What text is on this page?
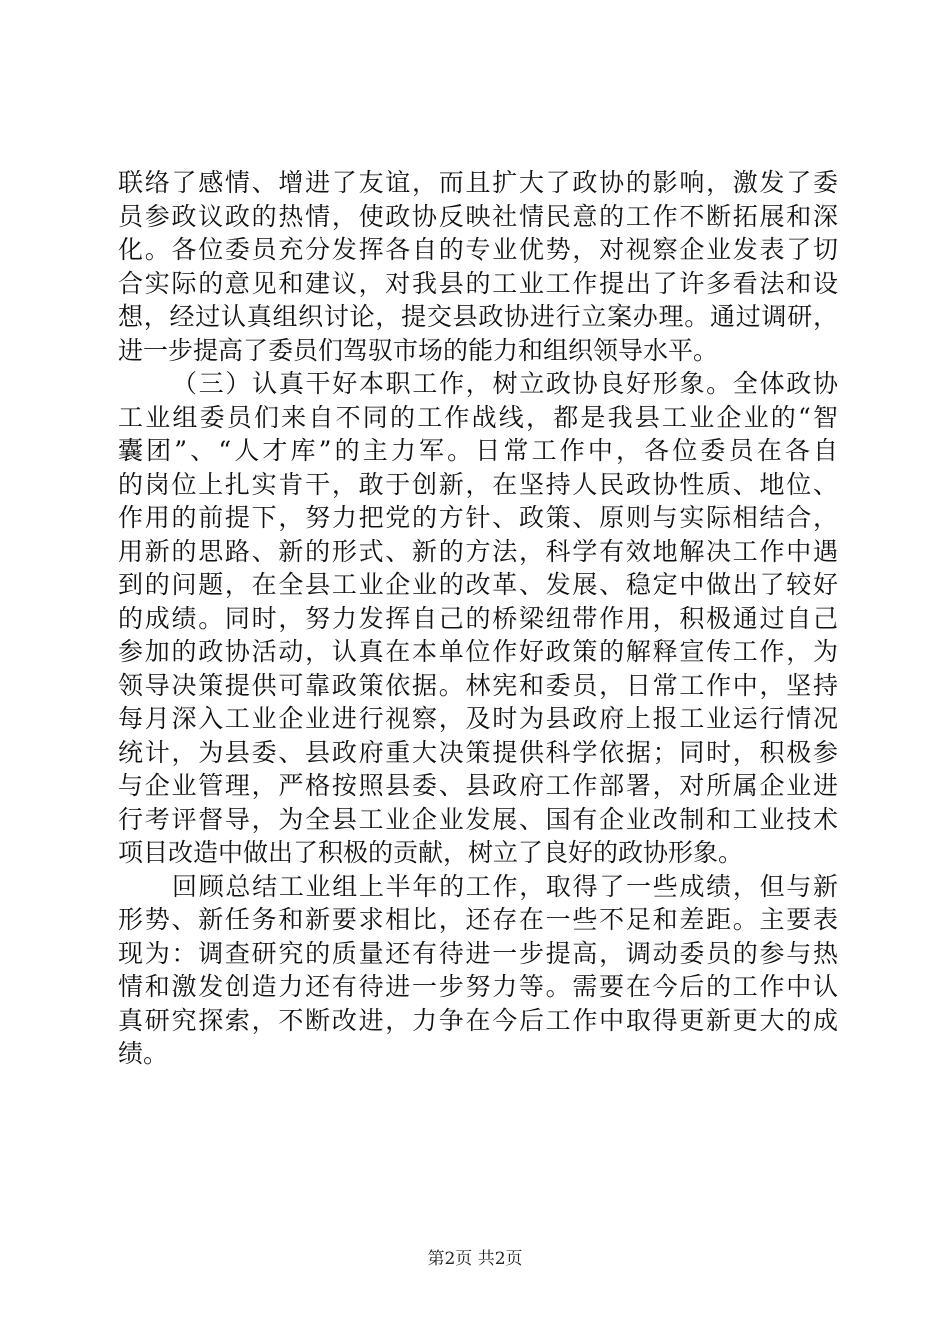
联络了感情、增进了友谊，而且扩大了政协的影响，激发了委
员参政议政的热情，使政协反映社情民意的工作不断拓展和深
化。各位委员充分发挥各自的专业优势，对视察企业发表了切
合实际的意见和建议，对我县的工业工作提出了许多看法和设
想，经过认真组织讨论，提交县政协进行立案办理。通过调研，
进一步提高了委员们驾驭市场的能力和组织领导水平。
（三）认真干好本职工作，树立政协良好形象。全体政协
工业组委员们来自不同的工作战线，都是我县工业企业的“智
囊团”、“人才库”的主力军。日常工作中，各位委员在各自
的岗位上扎实肯干，敢于创新，在坚持人民政协性质、地位、
作用的前提下，努力把党的方针、政策、原则与实际相结合，
用新的思路、新的形式、新的方法，科学有效地解决工作中遇
到的问题，在全县工业企业的改革、发展、稳定中做出了较好
的成绩。同时，努力发挥自己的桥梁纽带作用，积极通过自己
参加的政协活动，认真在本单位作好政策的解释宣传工作，为
领导决策提供可靠政策依据。林宪和委员，日常工作中，坚持
每月深入工业企业进行视察，及时为县政府上报工业运行情况
统计，为县委、县政府重大决策提供科学依据；同时，积极参
与企业管理，严格按照县委、县政府工作部署，对所属企业进
行考评督导，为全县工业企业发展、国有企业改制和工业技术
项目改造中做出了积极的贡献，树立了良好的政协形象。
回顾总结工业组上半年的工作，取得了一些成绩，但与新
形势、新任务和新要求相比，还存在一些不足和差距。主要表
现为：调查研究的质量还有待进一步提高，调动委员的参与热
情和激发创造力还有待进一步努力等。需要在今后的工作中认
真研究探索，不断改进，力争在今后工作中取得更新更大的成
绩。
第2页 共2页
